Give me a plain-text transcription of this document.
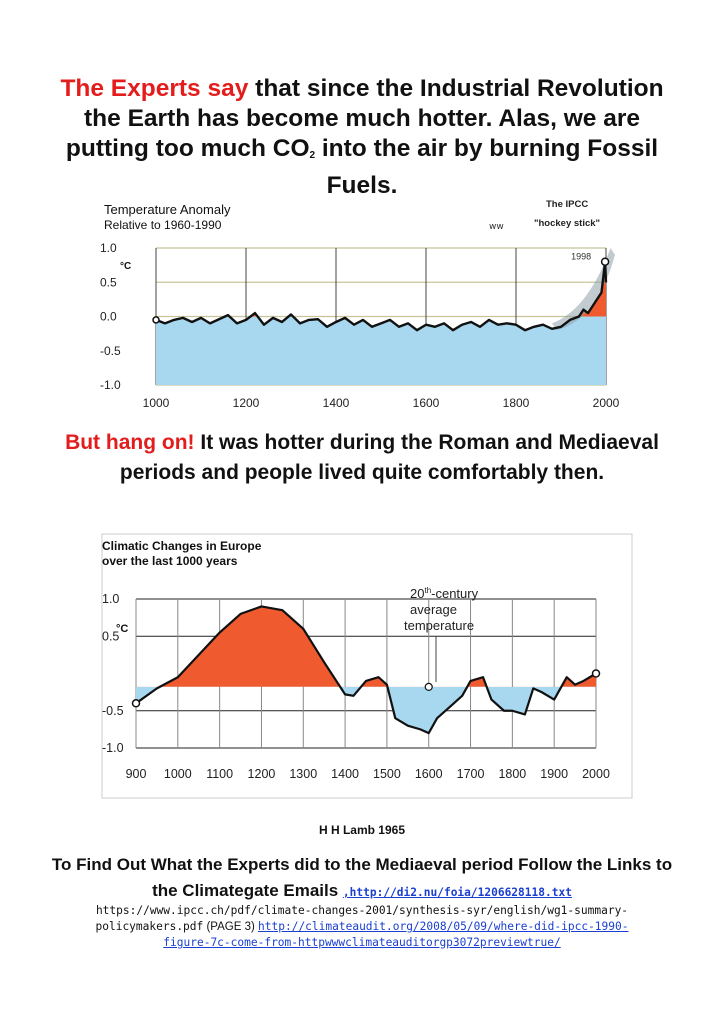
The Experts say that since the Industrial Revolution the Earth has become much hotter. Alas, we are putting too much CO2 into the air by burning Fossil Fuels.
Temperature Anomaly
Relative to 1960-1990
°C
The IPCC
"hockey stick"
ᴡᴡ
1998
1.0
0.5
0.0
-0.5
-1.0
1000	1200	1400	1600	1800	2000
But hang on! It was hotter during the Roman and Mediaeval periods and people lived quite comfortably then.
Climatic Changes in Europe
over the last 1000 years
°C
1.0
0.5
-0.5
-1.0
900 1000 1100 1200 1300 1400 1500 1600 1700 1800 1900 2000
20th-century
average
temperature
H H Lamb 1965
To Find Out What the Experts did to the Mediaeval period Follow the Links to the Climategate Emails ,http://di2.nu/foia/1206628118.txt
https://www.ipcc.ch/pdf/climate-changes-2001/synthesis-syr/english/wg1-summary-policymakers.pdf (PAGE 3) http://climateaudit.org/2008/05/09/where-did-ipcc-1990-figure-7c-come-from-httpwwwclimateauditorgp3072previewtrue/
